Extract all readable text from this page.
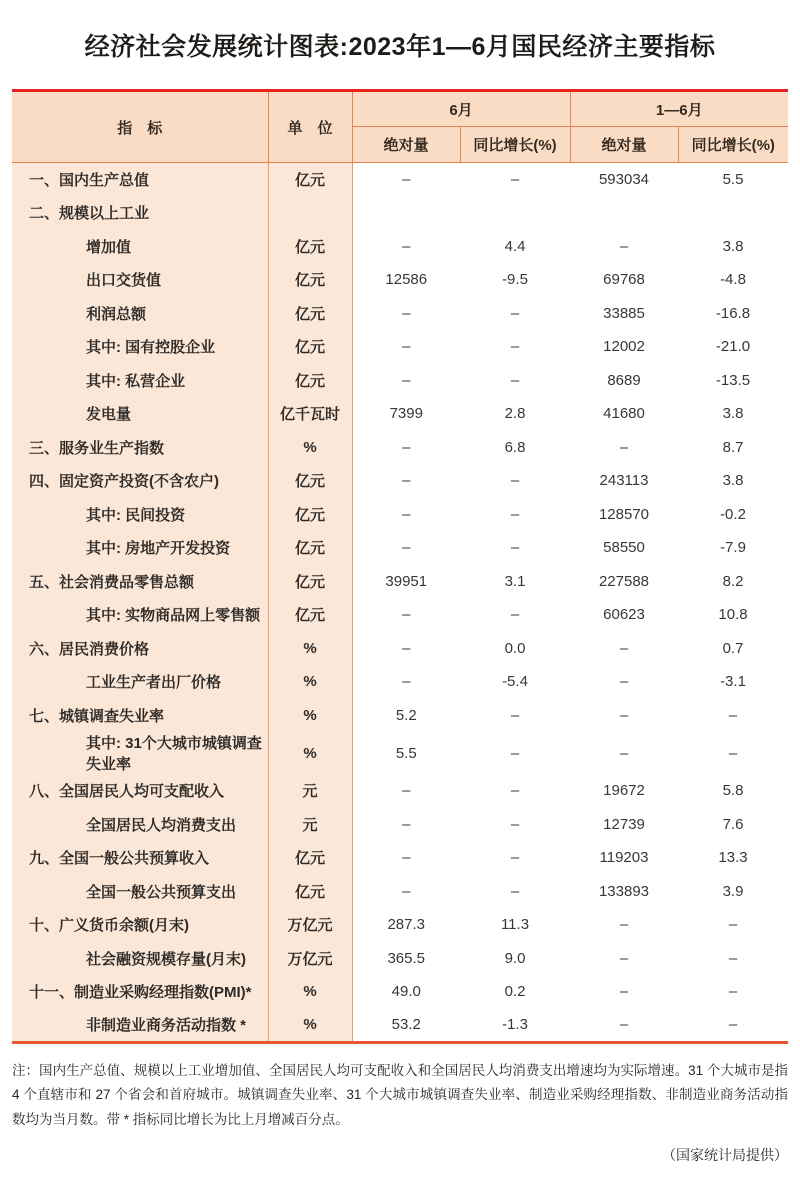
经济社会发展统计图表:2023年1—6月国民经济主要指标
指　标	单　位	6月		1—6月	
		绝对量	同比增长(%)	绝对量	同比增长(%)
一、国内生产总值	亿元	–	–	593034	5.5
二、规模以上工业					
增加值	亿元	–	4.4	–	3.8
出口交货值	亿元	12586	-9.5	69768	-4.8
利润总额	亿元	–	–	33885	-16.8
其中: 国有控股企业	亿元	–	–	12002	-21.0
其中: 私营企业	亿元	–	–	8689	-13.5
发电量	亿千瓦时	7399	2.8	41680	3.8
三、服务业生产指数	%	–	6.8	–	8.7
四、固定资产投资(不含农户)	亿元	–	–	243113	3.8
其中: 民间投资	亿元	–	–	128570	-0.2
其中: 房地产开发投资	亿元	–	–	58550	-7.9
五、社会消费品零售总额	亿元	39951	3.1	227588	8.2
其中: 实物商品网上零售额	亿元	–	–	60623	10.8
六、居民消费价格	%	–	0.0	–	0.7
工业生产者出厂价格	%	–	-5.4	–	-3.1
七、城镇调查失业率	%	5.2	–	–	–
其中: 31个大城市城镇调查失业率	%	5.5	–	–	–
八、全国居民人均可支配收入	元	–	–	19672	5.8
全国居民人均消费支出	元	–	–	12739	7.6
九、全国一般公共预算收入	亿元	–	–	119203	13.3
全国一般公共预算支出	亿元	–	–	133893	3.9
十、广义货币余额(月末)	万亿元	287.3	11.3	–	–
社会融资规模存量(月末)	万亿元	365.5	9.0	–	–
十一、制造业采购经理指数(PMI)*	%	49.0	0.2	–	–
非制造业商务活动指数 *	%	53.2	-1.3	–	–

注：国内生产总值、规模以上工业增加值、全国居民人均可支配收入和全国居民人均消费支出增速均为实际增速。31 个大城市是指 4 个直辖市和 27 个省会和首府城市。城镇调查失业率、31 个大城市城镇调查失业率、制造业采购经理指数、非制造业商务活动指数均为当月数。带 * 指标同比增长为比上月增减百分点。

（国家统计局提供）
